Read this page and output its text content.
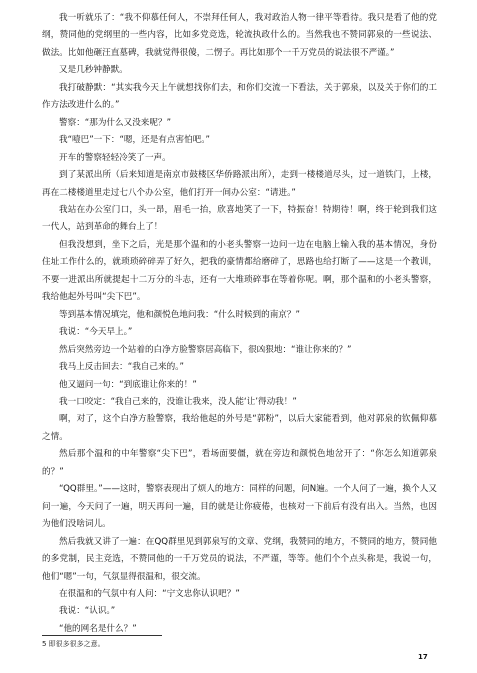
我一听就乐了：“我不仰慕任何人，不崇拜任何人，我对政治人物一律平等看待。我只是看了他的党纲，赞同他的党纲里的一些内容，比如多党竞选，轮流执政什么的。当然我也不赞同郭泉的一些说法、做法。比如他砸汪直墓碑，我就觉得很傻，二愣子。再比如那个一千万党员的说法很不严谨。”

又是几秒钟静默。

我打破静默：“其实我今天上午就想找你们去，和你们交流一下看法，关于郭泉，以及关于你们的工作方法改进什么的。”

警察：“那为什么又没来呢？”

我“噎巴”一下：“嗯，还是有点害怕吧。”

开车的警察轻轻冷笑了一声。

到了某派出所（后来知道是南京市鼓楼区华侨路派出所），走到一楼楼道尽头，过一道铁门，上楼，再在二楼楼道里走过七八个办公室，他们打开一间办公室：“请进。”

我站在办公室门口，头一昂，眉毛一抬，欣喜地笑了一下，特振奋！特期待！啊，终于轮到我们这一代人，站到革命的舞台上了！

但我没想到，坐下之后，光是那个温和的小老头警察一边问一边在电脑上输入我的基本情况，身份住址工作什么的，就琐琐碎碎弄了好久，把我的豪情都给磨碎了，思路也给打断了——这是一个教训，不要一进派出所就提起十二万分的斗志，还有一大堆琐碎事在等着你呢。啊，那个温和的小老头警察，我给他起外号叫“尖下巴”。

等到基本情况填完，他和颜悦色地问我：“什么时候到的南京？”

我说：“今天早上。”

然后突然旁边一个站着的白净方脸警察居高临下，很凶狠地：“谁让你来的？”

我马上反击回去：“我自己来的。”

他又逼问一句：“到底谁让你来的！”

我一口咬定：“我自己来的，没谁让我来，没人能‘让’得动我！”

啊，对了，这个白净方脸警察，我给他起的外号是“郭粉”，以后大家能看到，他对郭泉的钦佩仰慕之情。

然后那个温和的中年警察“尖下巴”，看场面要僵，就在旁边和颜悦色地岔开了：“你怎么知道郭泉的？”

“QQ群里。”——这时，警察表现出了烦人的地方：同样的问题，问N遍。一个人问了一遍，换个人又问一遍，今天问了一遍，明天再问一遍，目的就是让你疲倦，也核对一下前后有没有出入。当然，也因为他们没啥词儿。

然后我就又讲了一遍：在QQ群里见到郭泉写的文章、党纲，我赞同的地方，不赞同的地方，赞同他的多党制，民主竞选，不赞同他的一千万党员的说法，不严谨，等等。他们个个点头称是，我说一句，他们“嗯”一句，气氛显得很温和，很交流。

在很温和的气氛中有人问：“宁文忠你认识吧？”

我说：“认识。”

“他的网名是什么？”

5 即很多很多之意。
17
